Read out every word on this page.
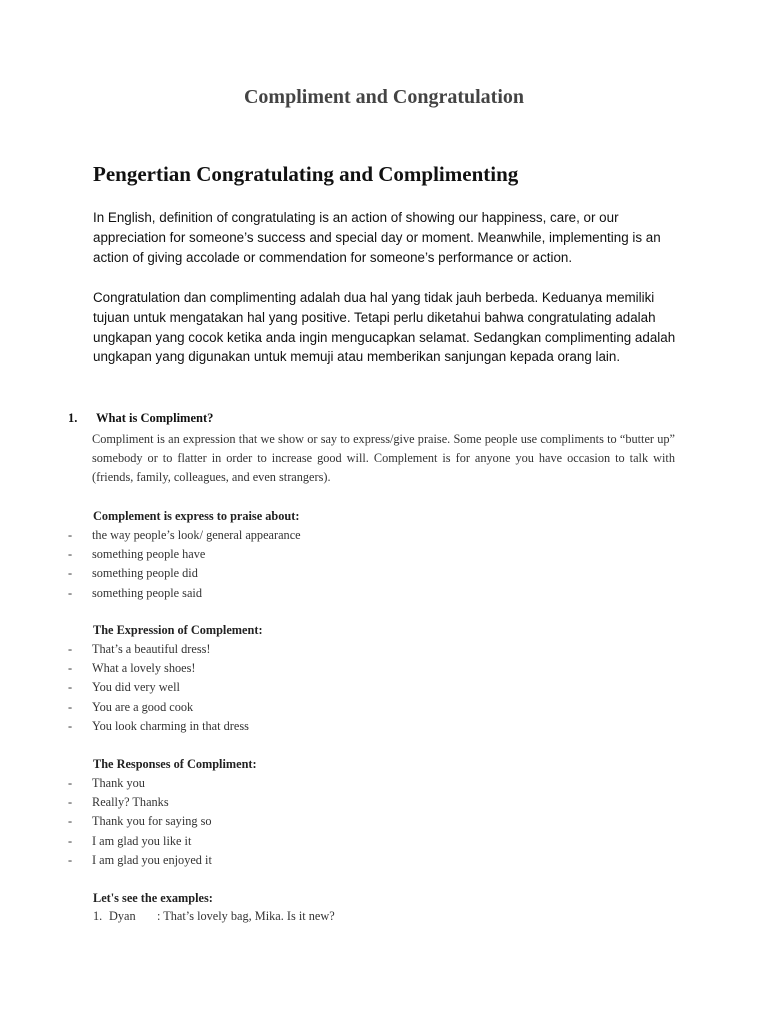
Compliment and Congratulation
Pengertian Congratulating and Complimenting

In English, definition of congratulating is an action of showing our happiness, care, or our appreciation for someone’s success and special day or moment. Meanwhile, implementing is an action of giving accolade or commendation for someone’s performance or action.

Congratulation dan complimenting adalah dua hal yang tidak jauh berbeda. Keduanya memiliki tujuan untuk mengatakan hal yang positive. Tetapi perlu diketahui bahwa congratulating adalah ungkapan yang cocok ketika anda ingin mengucapkan selamat. Sedangkan complimenting adalah ungkapan yang digunakan untuk memuji atau memberikan sanjungan kepada orang lain.

1. What is Compliment?

Compliment is an expression that we show or say to express/give praise. Some people use compliments to “butter up” somebody or to flatter in order to increase good will. Complement is for anyone you have occasion to talk with (friends, family, colleagues, and even strangers).

Complement is express to praise about:
-	the way people’s look/ general appearance
-	something people have
-	something people did
-	something people said
The Expression of Complement:
-	That’s a beautiful dress!
-	What a lovely shoes!
-	You did very well
-	You are a good cook
-	You look charming in that dress
The Responses of Compliment:
-	Thank you
-	Really? Thanks
-	Thank you for saying so
-	I am glad you like it
-	I am glad you enjoyed it
Let's see the examples:
1. Dyan : That’s lovely bag, Mika. Is it new?
